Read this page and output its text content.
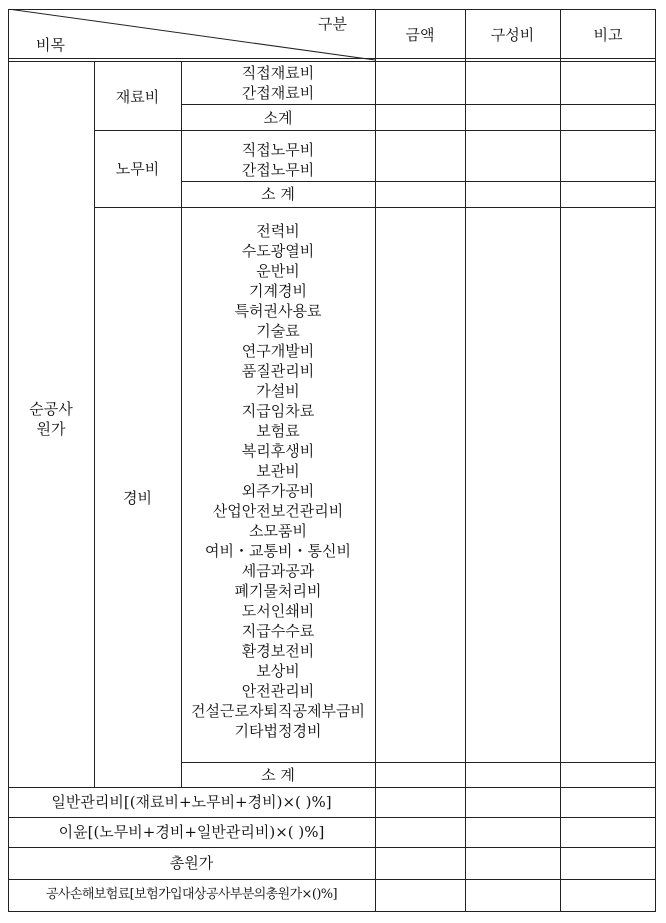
구분
비목
금액	구성비	비고
순공사
원가
재료비
직접재료비
간접재료비
소계
노무비
직접노무비
간접노무비
소 계
경비
전력비
수도광열비
운반비
기계경비
특허권사용료
기술료
연구개발비
품질관리비
가설비
지급임차료
보험료
복리후생비
보관비
외주가공비
산업안전보건관리비
소모품비
여비・교통비・통신비
세금과공과
폐기물처리비
도서인쇄비
지급수수료
환경보전비
보상비
안전관리비
건설근로자퇴직공제부금비
기타법정경비
소 계
일반관리비[(재료비+노무비+경비)×( )%]
이윤[(노무비+경비+일반관리비)×( )%]
총원가
공사손해보험료[보험가입대상공사부분의총원가×()%]
